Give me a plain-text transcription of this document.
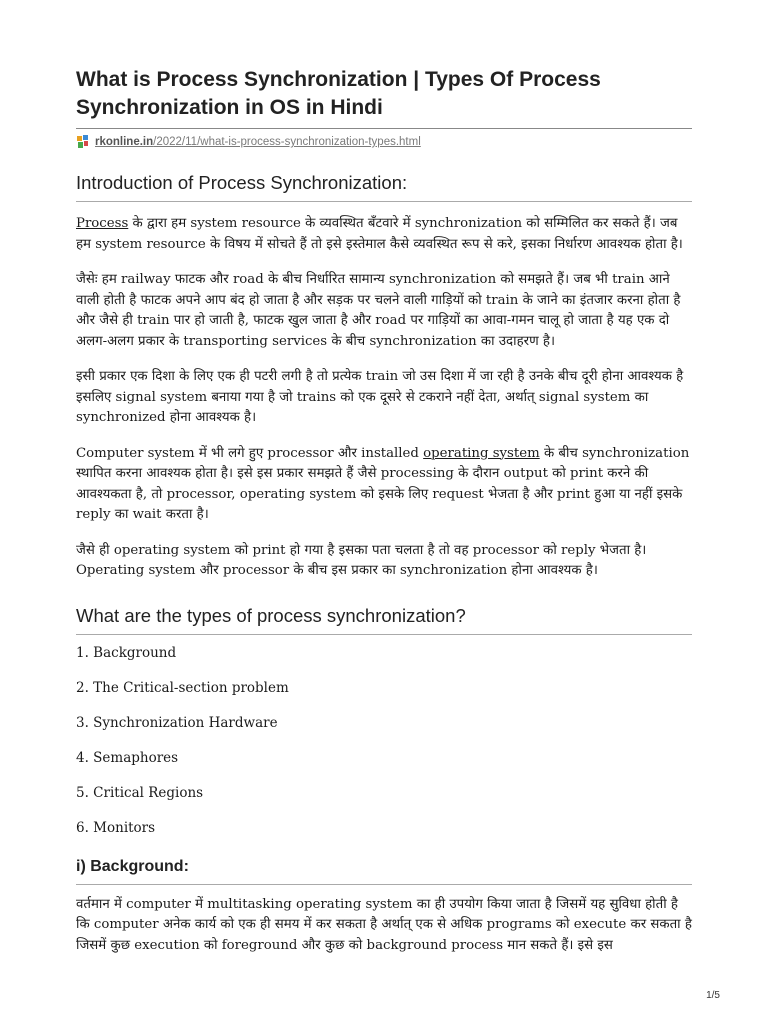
What is Process Synchronization | Types Of Process Synchronization in OS in Hindi
rkonline.in/2022/11/what-is-process-synchronization-types.html
Introduction of Process Synchronization:

Process के द्वारा हम system resource के व्यवस्थित बँटवारे में synchronization को सम्मिलित कर सकते हैं। जब हम system resource के विषय में सोचते हैं तो इसे इस्तेमाल कैसे व्यवस्थित रूप से करे, इसका निर्धारण आवश्यक होता है।

जैसेः हम railway फाटक और road के बीच निर्धारित सामान्य synchronization को समझते हैं। जब भी train आने वाली होती है फाटक अपने आप बंद हो जाता है और सड़क पर चलने वाली गाड़ियों को train के जाने का इंतजार करना होता है और जैसे ही train पार हो जाती है, फाटक खुल जाता है और road पर गाड़ियों का आवा-गमन चालू हो जाता है यह एक दो अलग-अलग प्रकार के transporting services के बीच synchronization का उदाहरण है।

इसी प्रकार एक दिशा के लिए एक ही पटरी लगी है तो प्रत्येक train जो उस दिशा में जा रही है उनके बीच दूरी होना आवश्यक है इसलिए signal system बनाया गया है जो trains को एक दूसरे से टकराने नहीं देता, अर्थात् signal system का synchronized होना आवश्यक है।

Computer system में भी लगे हुए processor और installed operating system के बीच synchronization स्थापित करना आवश्यक होता है। इसे इस प्रकार समझते हैं जैसे processing के दौरान output को print करने की आवश्यकता है, तो processor, operating system को इसके लिए request भेजता है और print हुआ या नहीं इसके reply का wait करता है।

जैसे ही operating system को print हो गया है इसका पता चलता है तो वह processor को reply भेजता है। Operating system और processor के बीच इस प्रकार का synchronization होना आवश्यक है।

What are the types of process synchronization?

1. Background

2. The Critical-section problem

3. Synchronization Hardware

4. Semaphores

5. Critical Regions

6. Monitors

i) Background:

वर्तमान में computer में multitasking operating system का ही उपयोग किया जाता है जिसमें यह सुविधा होती है कि computer अनेक कार्य को एक ही समय में कर सकता है अर्थात् एक से अधिक programs को execute कर सकता है जिसमें कुछ execution को foreground और कुछ को background process मान सकते हैं। इसे इस

1/5
